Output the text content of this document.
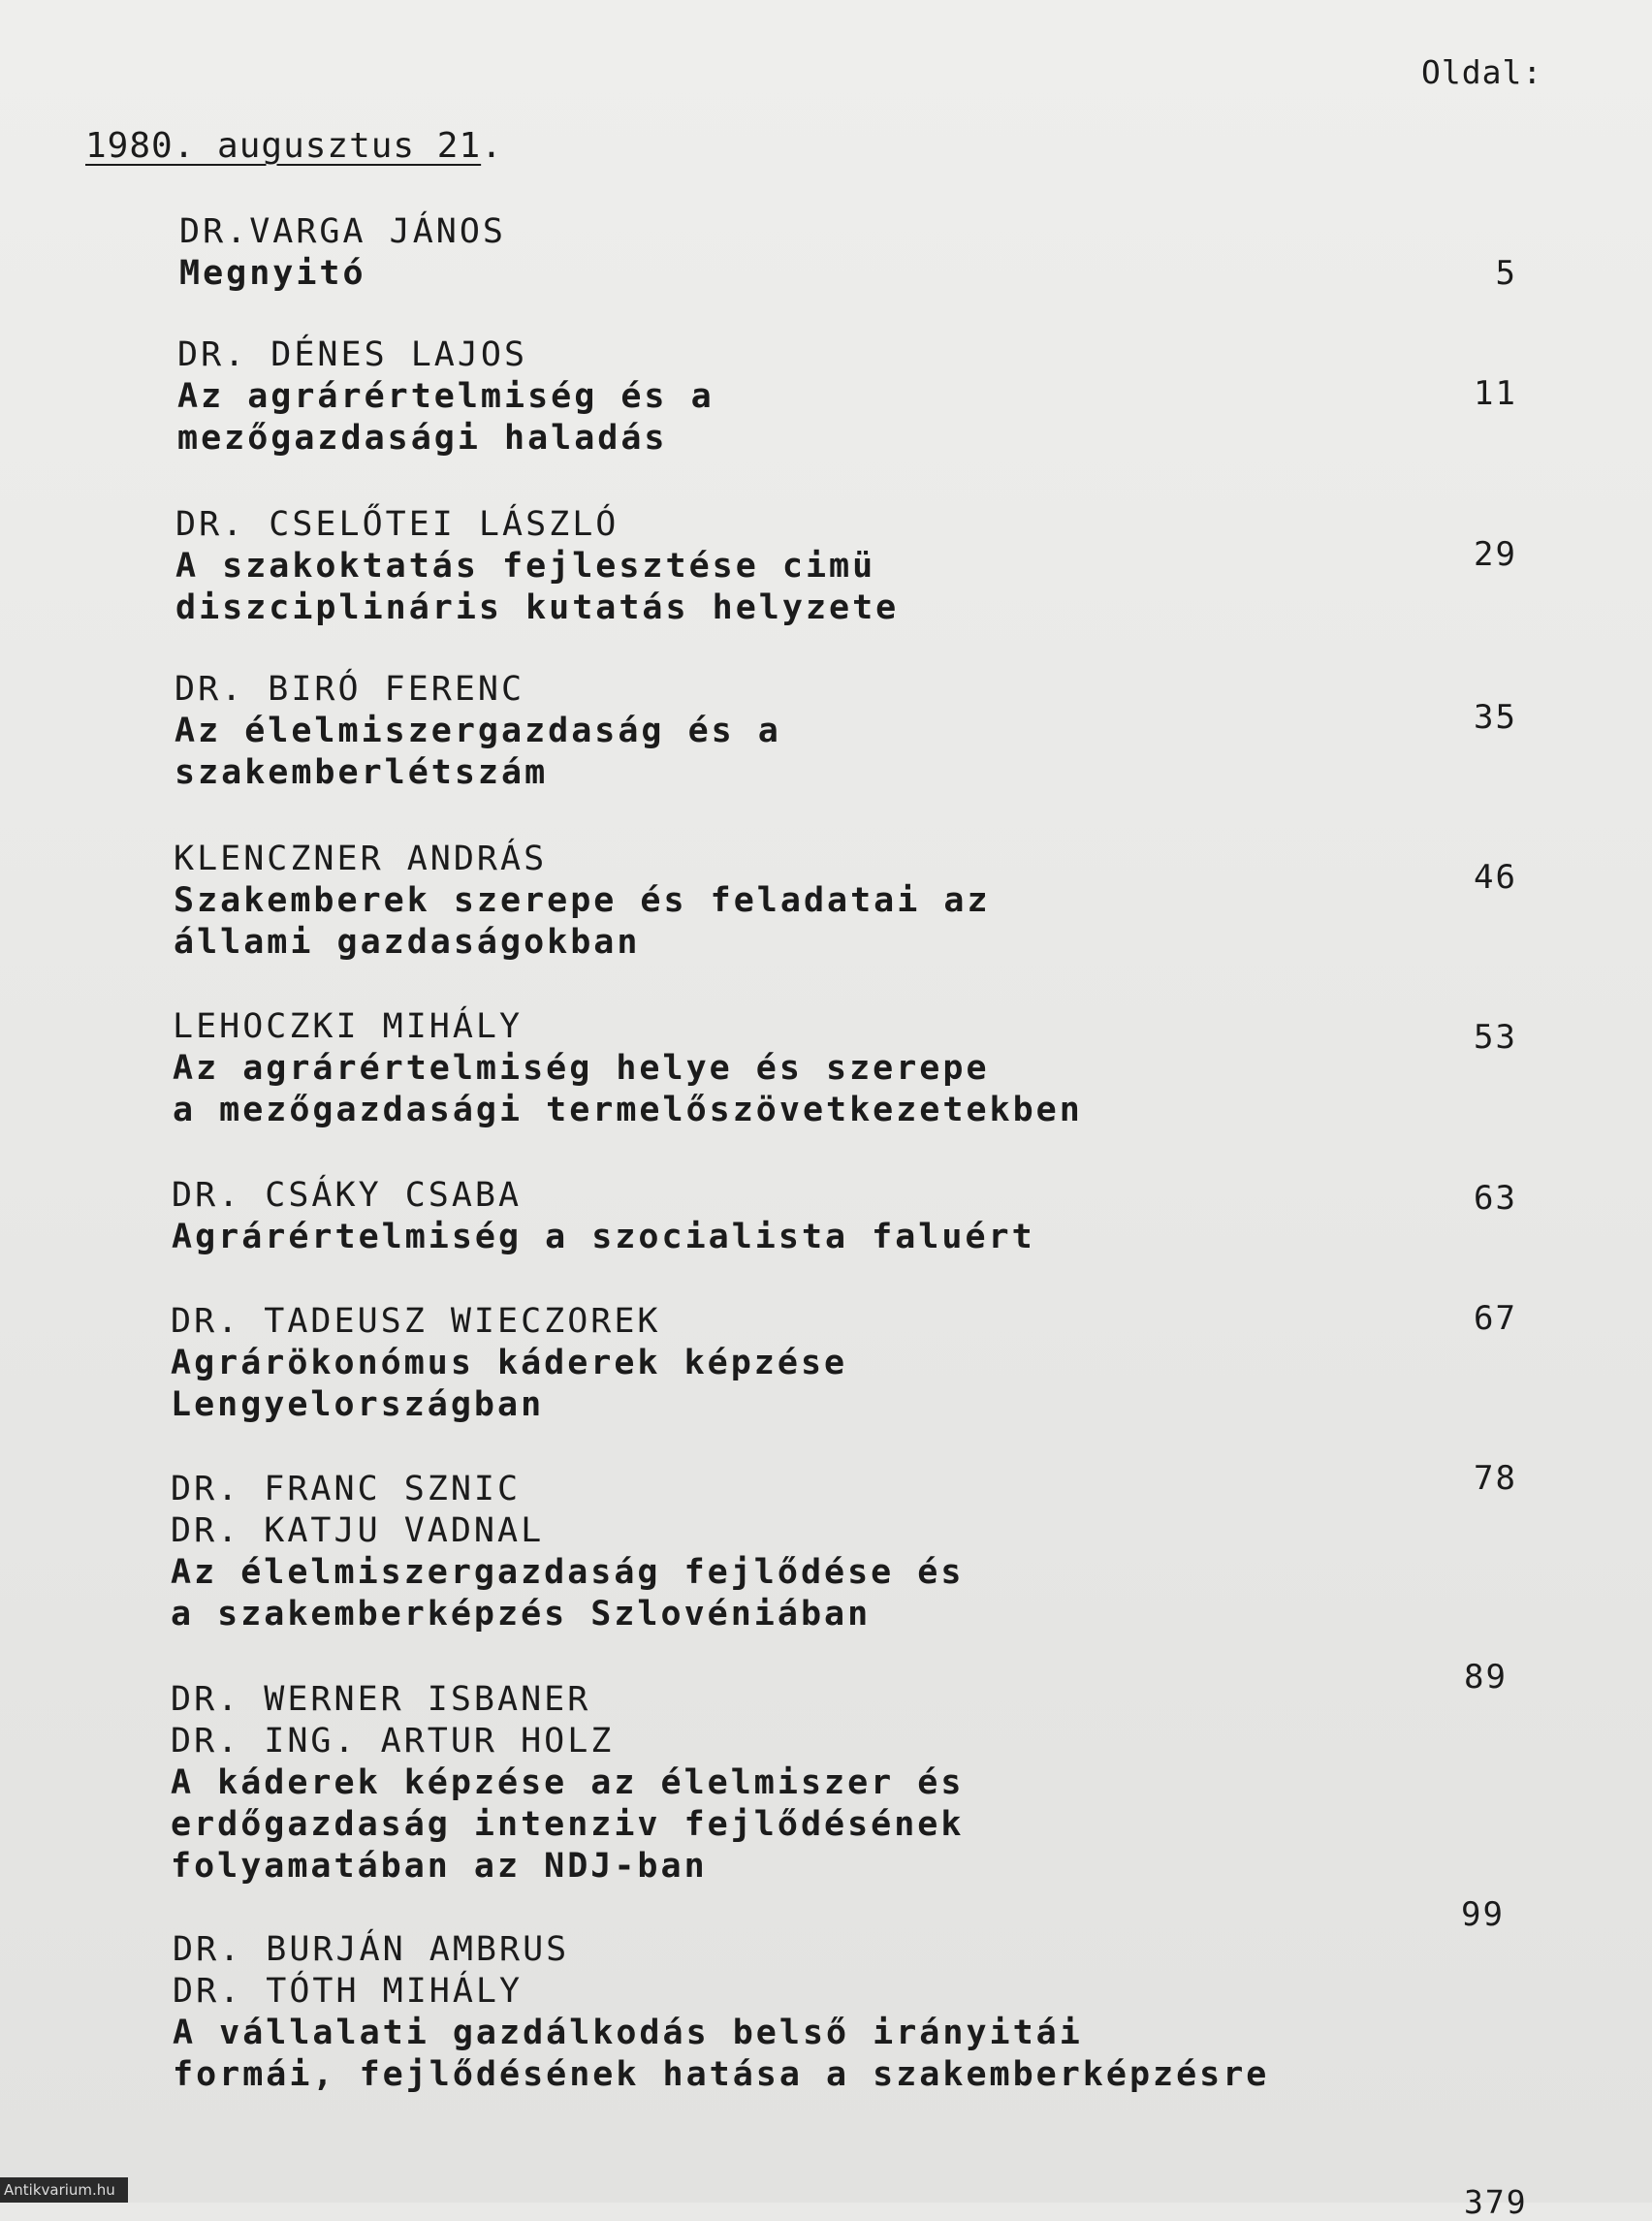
Oldal:
1980. augusztus 21.
DR.VARGA JÁNOS
Megnyitó	5
DR. DÉNES LAJOS
Az agrárértelmiség és a
mezőgazdasági haladás
11
DR. CSELŐTEI LÁSZLÓ
A szakoktatás fejlesztése cimü
diszciplináris kutatás helyzete
29
DR. BIRÓ FERENC
Az élelmiszergazdaság és a
szakemberlétszám
35
KLENCZNER ANDRÁS
Szakemberek szerepe és feladatai az
állami gazdaságokban
46
LEHOCZKI MIHÁLY
Az agrárértelmiség helye és szerepe
a mezőgazdasági termelőszövetkezetekben
53
DR. CSÁKY CSABA
Agrárértelmiség a szocialista faluért
63
DR. TADEUSZ WIECZOREK
Agrárökonómus káderek képzése
Lengyelországban
67
DR. FRANC SZNIC
DR. KATJU VADNAL
Az élelmiszergazdaság fejlődése és
a szakemberképzés Szlovéniában
78
DR. WERNER ISBANER
DR. ING. ARTUR HOLZ
A káderek képzése az élelmiszer és
erdőgazdaság intenziv fejlődésének
folyamatában az NDJ-ban
89
DR. BURJÁN AMBRUS
DR. TÓTH MIHÁLY
A vállalati gazdálkodás belső irányitái
formái, fejlődésének hatása a szakemberképzésre
99
379
Antikvarium.hu
